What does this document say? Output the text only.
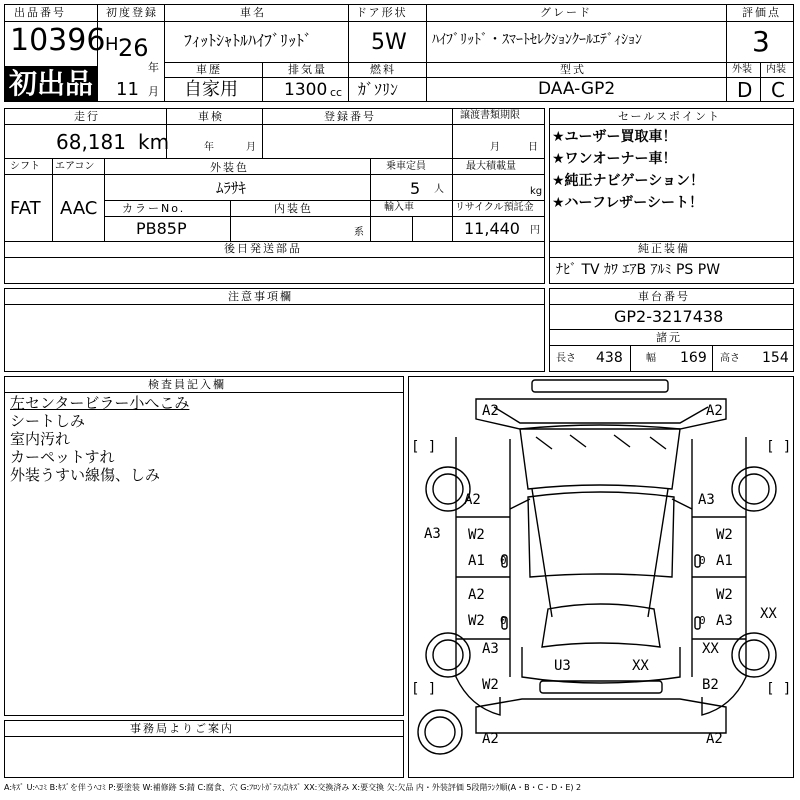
出品番号
10396
初出品
初度登録
H 26
年
11 月
車名
ﾌｨｯﾄｼｬﾄﾙﾊｲﾌﾞﾘｯﾄﾞ
ドア形状
5W
グレード
ﾊｲﾌﾞﾘｯﾄﾞ・ｽﾏｰﾄｾﾚｸｼｮﾝｸｰﾙｴﾃﾞｨｼｮﾝ
評価点
3
車歴
自家用
排気量
1300 cc
燃料
ｶﾞｿﾘﾝ
型式
DAA-GP2
外装 内装
D C
走行
68,181 km
車検
年	月
登録番号	譲渡書類期限
月	日
シフト
FAT
エアコン
AAC
外装色
ﾑﾗｻｷ
乗車定員
5 人
最大積載量
kg
カラーNo.
PB85P
内装色
系
輸入車	リサイクル預託金
11,440 円
後日発送部品
セールスポイント
★ユーザー買取車！
★ワンオーナー車！
★純正ナビゲーション！
★ハーフレザーシート！
純正装備
ﾅﾋﾞ TV ｶﾜ ｴｱB ｱﾙﾐ PS PW
注意事項欄	車台番号
GP2-3217438
諸元
長さ 438 幅 169 高さ 154
検査員記入欄
左センタービラー小へこみ
シートしみ
室内汚れ
カーペットすれ
外装うすい線傷、しみ
事務局よりご案内
[ ]	[ ]
[ ]	[ ]
A2	A2
A2	A3
A3 W2	W2
A1	A1
A2
W2
W2
A3
A3
XX
U3	XX
XX
W2	B2
A2	A2
0
0
0
0
A:ｷｽﾞ U:ﾍｺﾐ B:ｷｽﾞを伴うﾍｺﾐ P:要塗装 W:補修跡 S:錆 C:腐食、穴 G:ﾌﾛﾝﾄｶﾞﾗｽ点ｷｽﾞ XX:交換済み X:要交換 欠:欠品 内・外装評価 5段階ﾗﾝｸ順(A・B・C・D・E) 2
